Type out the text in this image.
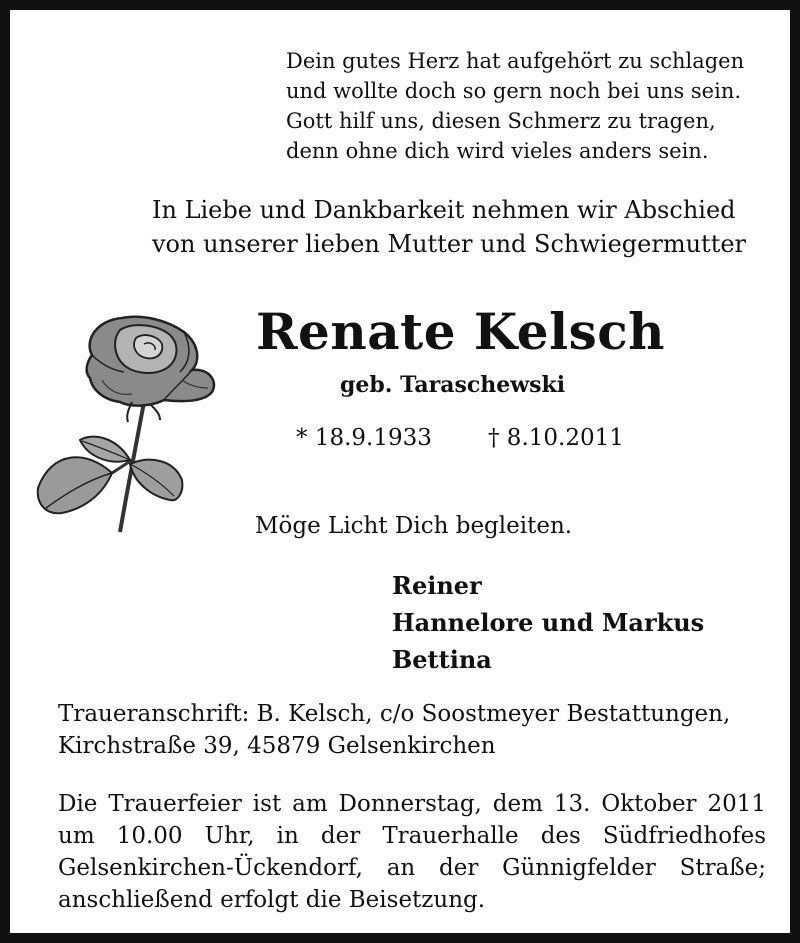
Dein gutes Herz hat aufgehört zu schlagen
und wollte doch so gern noch bei uns sein.
Gott hilf uns, diesen Schmerz zu tragen,
denn ohne dich wird vieles anders sein.
In Liebe und Dankbarkeit nehmen wir Abschied
von unserer lieben Mutter und Schwiegermutter
Renate Kelsch
geb. Taraschewski
* 18.9.1933 † 8.10.2011
Möge Licht Dich begleiten.
Reiner
Hannelore und Markus
Bettina
Traueranschrift: B. Kelsch, c/o Soostmeyer Bestattungen,
Kirchstraße 39, 45879 Gelsenkirchen
Die Trauerfeier ist am Donnerstag, dem 13. Oktober 2011
um 10.00 Uhr, in der Trauerhalle des Südfriedhofes
Gelsenkirchen-Ückendorf, an der Günnigfelder Straße;
anschließend erfolgt die Beisetzung.
